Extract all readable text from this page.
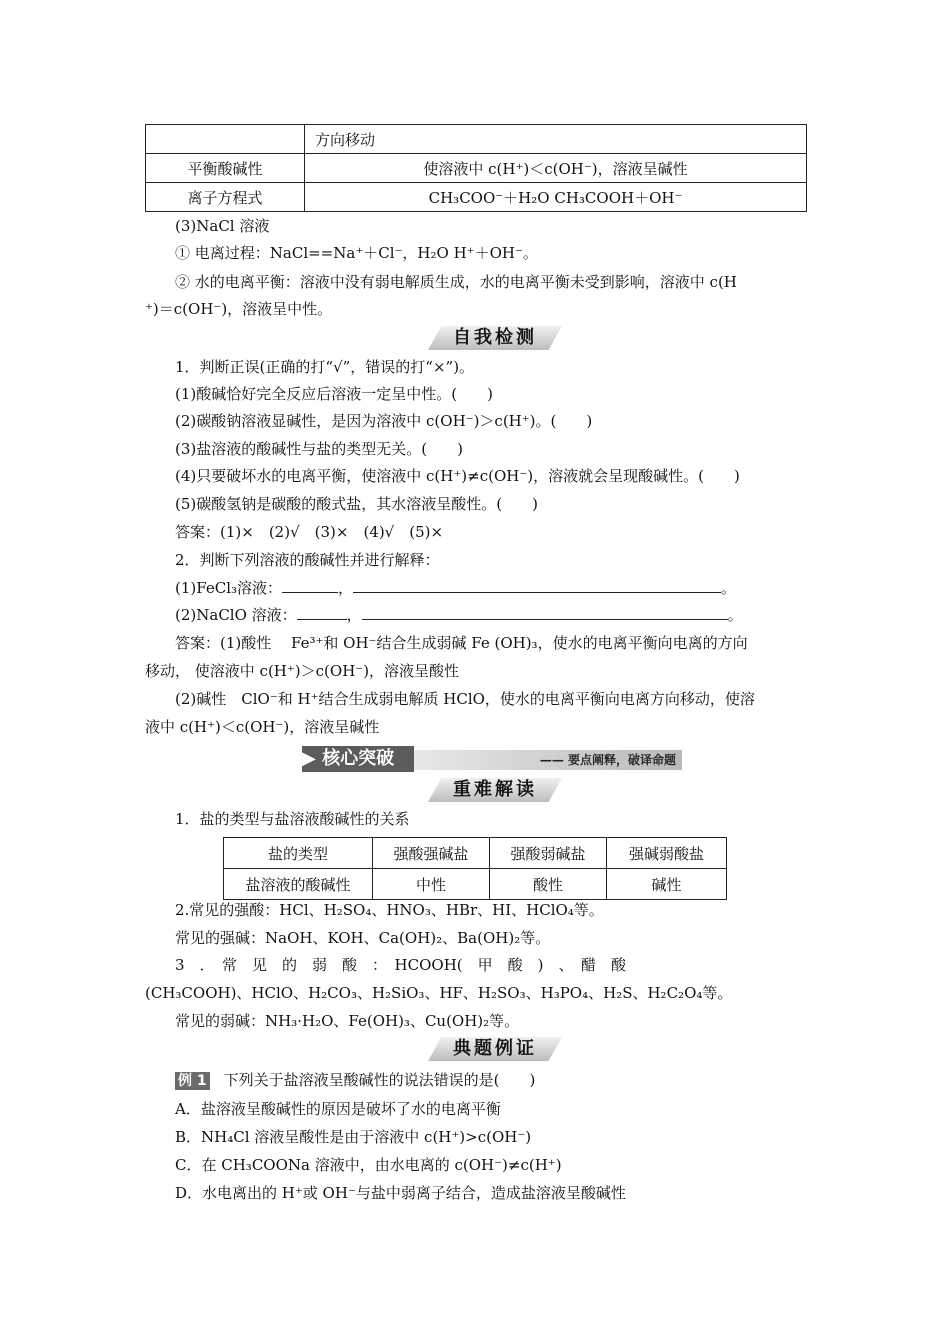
	方向移动
平衡酸碱性	使溶液中 c(H⁺)＜c(OH⁻)，溶液呈碱性
离子方程式	CH₃COO⁻＋H₂O CH₃COOH＋OH⁻
(3)NaCl 溶液
① 电离过程：NaCl==Na⁺＋Cl⁻，H₂O H⁺＋OH⁻。
② 水的电离平衡：溶液中没有弱电解质生成，水的电离平衡未受到影响，溶液中 c(H
⁺)＝c(OH⁻)，溶液呈中性。
自我检测
1．判断正误(正确的打“√”，错误的打“×”)。
(1)酸碱恰好完全反应后溶液一定呈中性。(　　)
(2)碳酸钠溶液显碱性，是因为溶液中 c(OH⁻)＞c(H⁺)。(　　)
(3)盐溶液的酸碱性与盐的类型无关。(　　)
(4)只要破坏水的电离平衡，使溶液中 c(H⁺)≠c(OH⁻)，溶液就会呈现酸碱性。(　　)
(5)碳酸氢钠是碳酸的酸式盐，其水溶液呈酸性。(　　)
答案：(1)×　(2)√　(3)×　(4)√　(5)×
2．判断下列溶液的酸碱性并进行解释：
(1)FeCl₃溶液：	，	。
(2)NaClO 溶液：	，	。
答案：(1)酸性　 Fe³⁺和 OH⁻结合生成弱碱 Fe (OH)₃，使水的电离平衡向电离的方向
移动， 使溶液中 c(H⁺)＞c(OH⁻)，溶液呈酸性
(2)碱性　ClO⁻和 H⁺结合生成弱电解质 HClO，使水的电离平衡向电离方向移动，使溶
液中 c(H⁺)＜c(OH⁻)，溶液呈碱性
▶ 核心突破	—— 要点阐释，破译命题
重难解读
1．盐的类型与盐溶液酸碱性的关系
盐的类型	强酸强碱盐	强酸弱碱盐	强碱弱酸盐
盐溶液的酸碱性	中性	酸性	碱性
2.常见的强酸：HCl、H₂SO₄、HNO₃、HBr、HI、HClO₄等。
常见的强碱：NaOH、KOH、Ca(OH)₂、Ba(OH)₂等。
3　．　常　见　的　弱　酸　：　HCOOH(　甲　酸　)　、　醋　酸
(CH₃COOH)、HClO、H₂CO₃、H₂SiO₃、HF、H₂SO₃、H₃PO₄、H₂S、H₂C₂O₄等。
常见的弱碱：NH₃·H₂O、Fe(OH)₃、Cu(OH)₂等。
典题例证
例 1 下列关于盐溶液呈酸碱性的说法错误的是(　　)
A．盐溶液呈酸碱性的原因是破坏了水的电离平衡
B．NH₄Cl 溶液呈酸性是由于溶液中 c(H⁺)>c(OH⁻)
C．在 CH₃COONa 溶液中，由水电离的 c(OH⁻)≠c(H⁺)
D．水电离出的 H⁺或 OH⁻与盐中弱离子结合，造成盐溶液呈酸碱性
